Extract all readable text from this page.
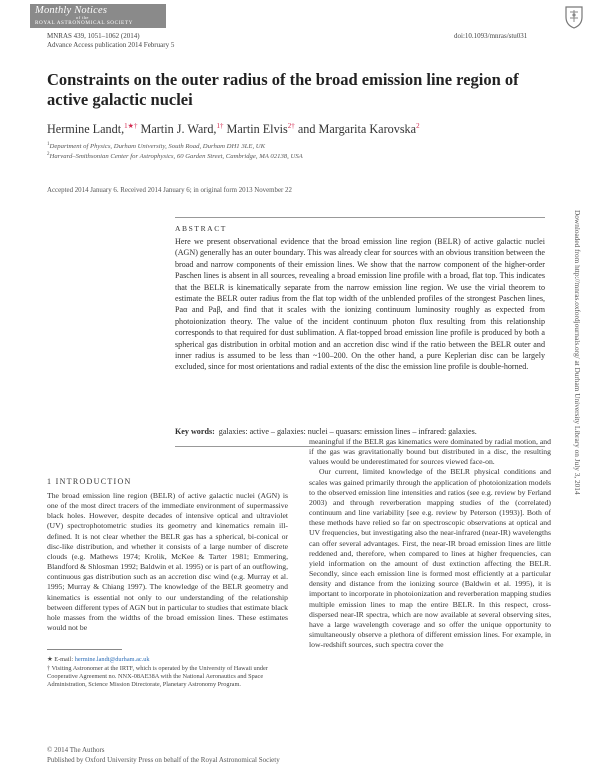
Monthly Notices
of the
ROYAL ASTRONOMICAL SOCIETY
MNRAS 439, 1051–1062 (2014)	doi:10.1093/mnras/stu031
Advance Access publication 2014 February 5
Constraints on the outer radius of the broad emission line region of active galactic nuclei
Hermine Landt,$^{1★\dagger}$ Martin J. Ward,$^{1\dagger}$ Martin Elvis$^{2\dagger}$ and Margarita Karovska$^2$
$^1$Department of Physics, Durham University, South Road, Durham DH1 3LE, UK
$^2$Harvard–Smithsonian Center for Astrophysics, 60 Garden Street, Cambridge, MA 02138, USA
Accepted 2014 January 6. Received 2014 January 6; in original form 2013 November 22
ABSTRACT
Here we present observational evidence that the broad emission line region (BELR) of active galactic nuclei (AGN) generally has an outer boundary. This was already clear for sources with an obvious transition between the broad and narrow components of their emission lines. We show that the narrow component of the higher-order Paschen lines is absent in all sources, revealing a broad emission line profile with a broad, flat top. This indicates that the BELR is kinematically separate from the narrow emission line region. We use the virial theorem to estimate the BELR outer radius from the flat top width of the unblended profiles of the strongest Paschen lines, Paα and Paβ, and find that it scales with the ionizing continuum luminosity roughly as expected from photoionization theory. The value of the incident continuum photon flux resulting from this relationship corresponds to that required for dust sublimation. A flat-topped broad emission line profile is produced by both a spherical gas distribution in orbital motion and an accretion disc wind if the ratio between the BELR outer and inner radius is assumed to be less than ~100–200. On the other hand, a pure Keplerian disc can be largely excluded, since for most orientations and radial extents of the disc the emission line profile is double-horned.
Key words: galaxies: active – galaxies: nuclei – quasars: emission lines – infrared: galaxies.
1 INTRODUCTION

The broad emission line region (BELR) of active galactic nuclei (AGN) is one of the most direct tracers of the immediate environment of supermassive black holes. However, despite decades of intensive optical and ultraviolet (UV) spectrophotometric studies its geometry and kinematics remain ill-defined. It is not clear whether the BELR gas has a spherical, bi-conical or disc-like distribution, and whether it consists of a large number of discrete clouds (e.g. Mathews 1974; Krolik, McKee & Tarter 1981; Emmering, Blandford & Shlosman 1992; Baldwin et al. 1995) or is part of an outflowing, continuous gas distribution such as an accretion disc wind (e.g. Murray et al. 1995; Murray & Chiang 1997). The knowledge of the BELR geometry and kinematics is essential not only to our understanding of the relationship between different types of AGN but in particular to studies that estimate black hole masses from the widths of the broad emission lines. These estimates would not be

meaningful if the BELR gas kinematics were dominated by radial motion, and if the gas was gravitationally bound but distributed in a disc, the resulting values would be underestimated for sources viewed face-on.

Our current, limited knowledge of the BELR physical conditions and scales was gained primarily through the application of photoionization models to the observed emission line intensities and ratios (see e.g. review by Ferland 2003) and through reverberation mapping studies of the (correlated) continuum and line variability [see e.g. review by Peterson (1993)]. Both of these methods have relied so far on spectroscopic observations at optical and UV frequencies, but investigating also the near-infrared (near-IR) wavelengths can offer several advantages. First, the near-IR broad emission lines are little reddened and, therefore, when compared to lines at higher frequencies, can yield information on the amount of dust extinction affecting the BELR. Secondly, since each emission line is formed most efficiently at a particular density and distance from the ionizing source (Baldwin et al. 1995), it is important to incorporate in photoionization and reverberation mapping studies multiple emission lines to map the entire BELR. In this respect, cross-dispersed near-IR spectra, which are now available at several observing sites, have a large wavelength coverage and so offer the unique opportunity to simultaneously observe a plethora of different emission lines. For example, in low-redshift sources, such spectra cover the

★ E-mail: hermine.landt@durham.ac.uk
† Visiting Astronomer at the IRTF, which is operated by the University of Hawaii under Cooperative Agreement no. NNX-08AE38A with the National Aeronautics and Space Administration, Science Mission Directorate, Planetary Astronomy Program.
© 2014 The Authors
Published by Oxford University Press on behalf of the Royal Astronomical Society
Downloaded from http://mnras.oxfordjournals.org/ at Durham University Library on July 3, 2014
